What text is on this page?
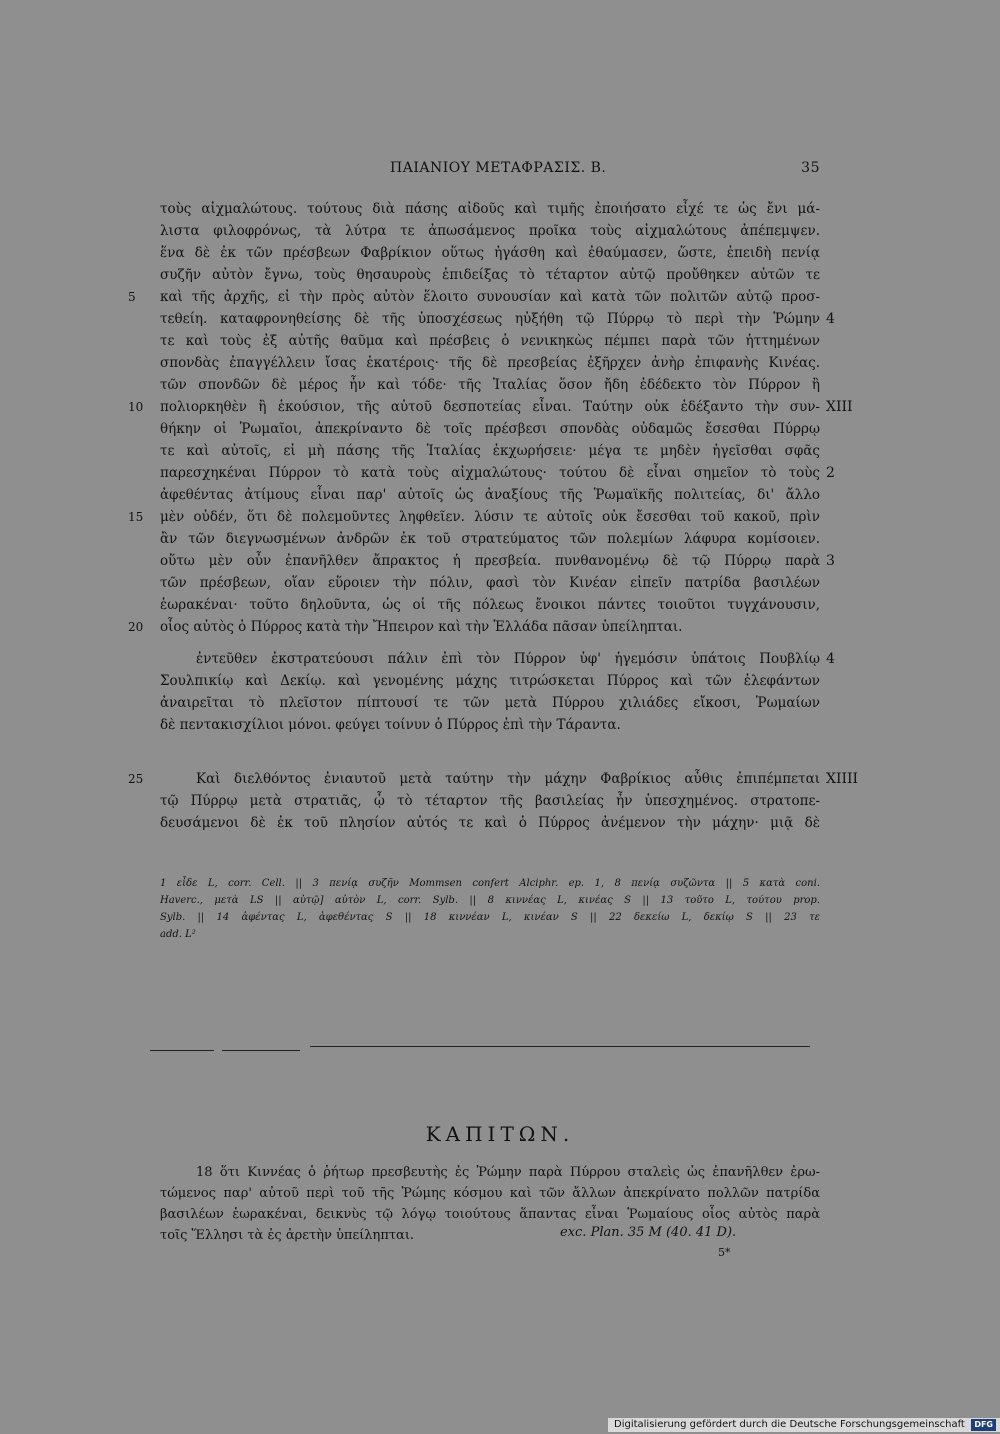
ΠΑΙΑΝΙΟΥ ΜΕΤΑΦΡΑΣΙΣ. Β.	35
τοὺς αἰχμαλώτους. τούτους διὰ πάσης αἰδοῦς καὶ τιμῆς ἐποιήσατο εἶχέ τε ὡς ἔνι μά-
λιστα φιλοφρόνως, τὰ λύτρα τε ἀπωσάμενος προῖκα τοὺς αἰχμαλώτους ἀπέπεμψεν.
ἕνα δὲ ἐκ τῶν πρέσβεων Φαβρίκιον οὕτως ἠγάσθη καὶ ἐθαύμασεν, ὥστε, ἐπειδὴ πενίᾳ
συζῆν αὐτὸν ἔγνω, τοὺς θησαυροὺς ἐπιδείξας τὸ τέταρτον αὐτῷ προὔθηκεν αὐτῶν τε
καὶ τῆς ἀρχῆς, εἰ τὴν πρὸς αὐτὸν ἕλοιτο συνουσίαν καὶ κατὰ τῶν πολιτῶν αὐτῷ προσ-
τεθείη. καταφρονηθείσης δὲ τῆς ὑποσχέσεως ηὐξήθη τῷ Πύρρῳ τὸ περὶ τὴν Ῥώμην
τε καὶ τοὺς ἐξ αὐτῆς θαῦμα καὶ πρέσβεις ὁ νενικηκὼς πέμπει παρὰ τῶν ἡττημένων
σπονδὰς ἐπαγγέλλειν ἴσας ἑκατέροις· τῆς δὲ πρεσβείας ἐξῆρχεν ἀνὴρ ἐπιφανὴς Κινέας.
τῶν σπονδῶν δὲ μέρος ἦν καὶ τόδε· τῆς Ἰταλίας ὅσον ἤδη ἐδέδεκτο τὸν Πύρρον ἢ
πολιορκηθὲν ἢ ἑκούσιον, τῆς αὐτοῦ δεσποτείας εἶναι. Ταύτην οὐκ ἐδέξαντο τὴν συν-
θήκην οἱ Ῥωμαῖοι, ἀπεκρίναντο δὲ τοῖς πρέσβεσι σπονδὰς οὐδαμῶς ἔσεσθαι Πύρρῳ
τε καὶ αὐτοῖς, εἰ μὴ πάσης τῆς Ἰταλίας ἐκχωρήσειε· μέγα τε μηδὲν ἡγεῖσθαι σφᾶς
παρεσχηκέναι Πύρρον τὸ κατὰ τοὺς αἰχμαλώτους· τούτου δὲ εἶναι σημεῖον τὸ τοὺς
ἀφεθέντας ἀτίμους εἶναι παρ' αὐτοῖς ὡς ἀναξίους τῆς Ῥωμαϊκῆς πολιτείας, δι' ἄλλο
μὲν οὐδέν, ὅτι δὲ πολεμοῦντες ληφθεῖεν. λύσιν τε αὐτοῖς οὐκ ἔσεσθαι τοῦ κακοῦ, πρὶν
ἂν τῶν διεγνωσμένων ἀνδρῶν ἐκ τοῦ στρατεύματος τῶν πολεμίων λάφυρα κομίσοιεν.
οὕτω μὲν οὖν ἐπανῆλθεν ἄπρακτος ἡ πρεσβεία. πυνθανομένῳ δὲ τῷ Πύρρῳ παρὰ
τῶν πρέσβεων, οἵαν εὕροιεν τὴν πόλιν, φασὶ τὸν Κινέαν εἰπεῖν πατρίδα βασιλέων
ἑωρακέναι· τοῦτο δηλοῦντα, ὡς οἱ τῆς πόλεως ἔνοικοι πάντες τοιοῦτοι τυγχάνουσιν,
οἷος αὐτὸς ὁ Πύρρος κατὰ τὴν Ἤπειρον καὶ τὴν Ἑλλάδα πᾶσαν ὑπείληπται.
ἐντεῦθεν ἐκστρατεύουσι πάλιν ἐπὶ τὸν Πύρρον ὑφ' ἡγεμόσιν ὑπάτοις Πουβλίῳ
Σουλπικίῳ καὶ Δεκίῳ. καὶ γενομένης μάχης τιτρώσκεται Πύρρος καὶ τῶν ἐλεφάντων
ἀναιρεῖται τὸ πλεῖστον πίπτουσί τε τῶν μετὰ Πύρρου χιλιάδες εἴκοσι, Ῥωμαίων
δὲ πεντακισχίλιοι μόνοι. φεύγει τοίνυν ὁ Πύρρος ἐπὶ τὴν Τάραντα.
Καὶ διελθόντος ἐνιαυτοῦ μετὰ ταύτην τὴν μάχην Φαβρίκιος αὖθις ἐπιπέμπεται
τῷ Πύρρῳ μετὰ στρατιᾶς, ᾧ τὸ τέταρτον τῆς βασιλείας ἦν ὑπεσχημένος. στρατοπε-
δευσάμενοι δὲ ἐκ τοῦ πλησίον αὐτός τε καὶ ὁ Πύρρος ἀνέμενον τὴν μάχην· μιᾷ δὲ
5
10
15
20
25
4
XIII
2
3
4
XIIII
1 εἶδε L, corr. Cell. || 3 πενίᾳ συζῆν Mommsen confert Alciphr. ep. 1, 8 πενίᾳ συζῶντα || 5 κατὰ coni.
Haverc., μετὰ LS || αὐτῷ] αὐτὸν L, corr. Sylb. || 8 κιννέας L, κινέας S || 13 τοῦτο L, τούτου prop.
Sylb. || 14 ἀφέντας L, ἀφεθέντας S || 18 κιννέαν L, κινέαν S || 22 δεκείω L, δεκίῳ S || 23 τε
add. L²
ΚΑΠΙΤΩΝ.
18 ὅτι Κιννέας ὁ ῥήτωρ πρεσβευτὴς ἐς Ῥώμην παρὰ Πύρρου σταλεὶς ὡς ἐπανῆλθεν ἐρω-
τώμενος παρ' αὐτοῦ περὶ τοῦ τῆς Ῥώμης κόσμου καὶ τῶν ἄλλων ἀπεκρίνατο πολλῶν πατρίδα
βασιλέων ἑωρακέναι, δεικνὺς τῷ λόγῳ τοιούτους ἅπαντας εἶναι Ῥωμαίους οἷος αὐτὸς παρὰ
τοῖς Ἕλλησι τὰ ἐς ἀρετὴν ὑπείληπται.	exc. Plan. 35 M (40. 41 D).
5*
Digitalisierung gefördert durch die Deutsche Forschungsgemeinschaft	DFG
